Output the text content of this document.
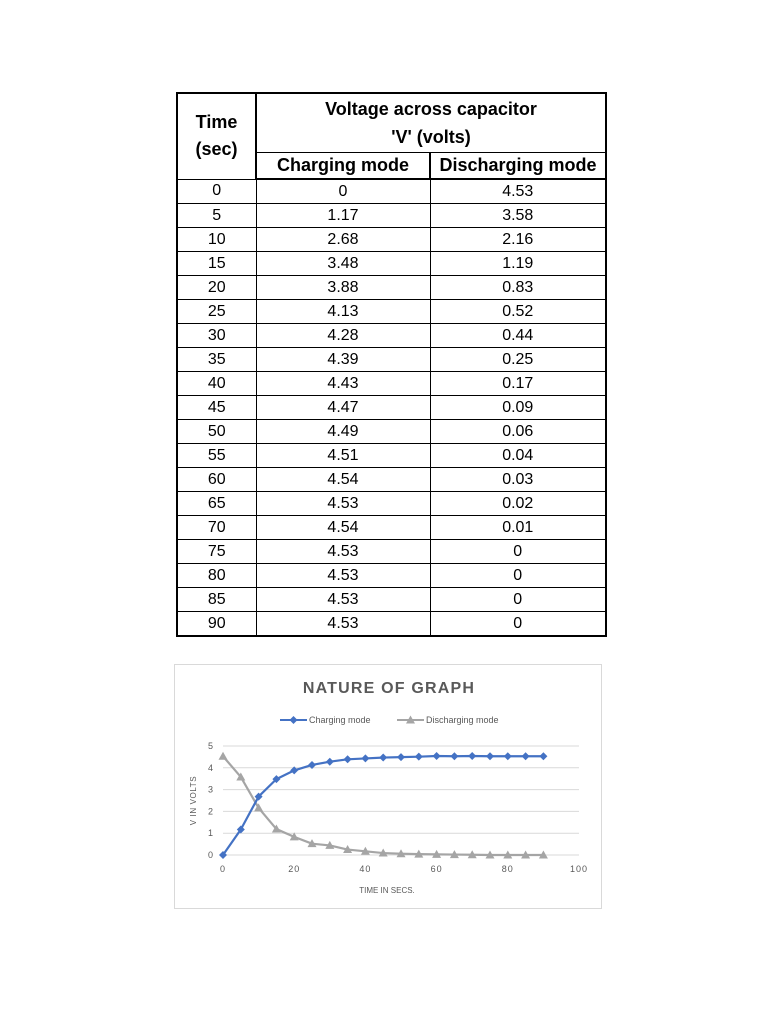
Time
(sec)	Voltage across capacitor
'V' (volts)	
	Charging mode	Discharging mode
0	0	4.53
5	1.17	3.58
10	2.68	2.16
15	3.48	1.19
20	3.88	0.83
25	4.13	0.52
30	4.28	0.44
35	4.39	0.25
40	4.43	0.17
45	4.47	0.09
50	4.49	0.06
55	4.51	0.04
60	4.54	0.03
65	4.53	0.02
70	4.54	0.01
75	4.53	0
80	4.53	0
85	4.53	0
90	4.53	0
NATURE OF GRAPH
0
1
2
3
4
5
0	20	40	60	80	100
TIME IN SECS.
V IN VOLTS
Charging mode	Discharging mode
